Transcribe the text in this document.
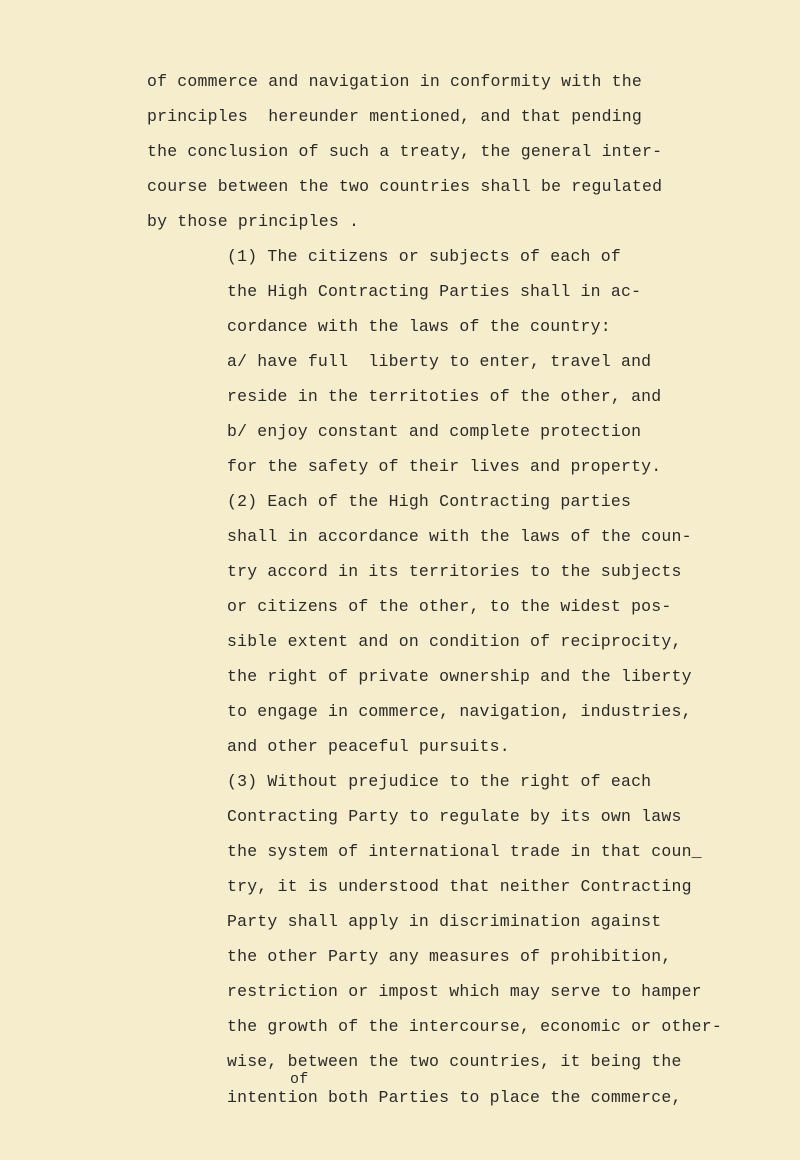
of commerce and navigation in conformity with the
principles  hereunder mentioned, and that pending
the conclusion of such a treaty, the general inter-
course between the two countries shall be regulated
by those principles .
(1) The citizens or subjects of each of
the High Contracting Parties shall in ac-
cordance with the laws of the country:
a/ have full  liberty to enter, travel and
reside in the territoties of the other, and
b/ enjoy constant and complete protection
for the safety of their lives and property.
(2) Each of the High Contracting parties
shall in accordance with the laws of the coun-
try accord in its territories to the subjects
or citizens of the other, to the widest pos-
sible extent and on condition of reciprocity,
the right of private ownership and the liberty
to engage in commerce, navigation, industries,
and other peaceful pursuits.
(3) Without prejudice to the right of each
Contracting Party to regulate by its own laws
the system of international trade in that coun_
try, it is understood that neither Contracting
Party shall apply in discrimination against
the other Party any measures of prohibition,
restriction or impost which may serve to hamper
the growth of the intercourse, economic or other-
wise, between the two countries, it being the
of
intention both Parties to place the commerce,
